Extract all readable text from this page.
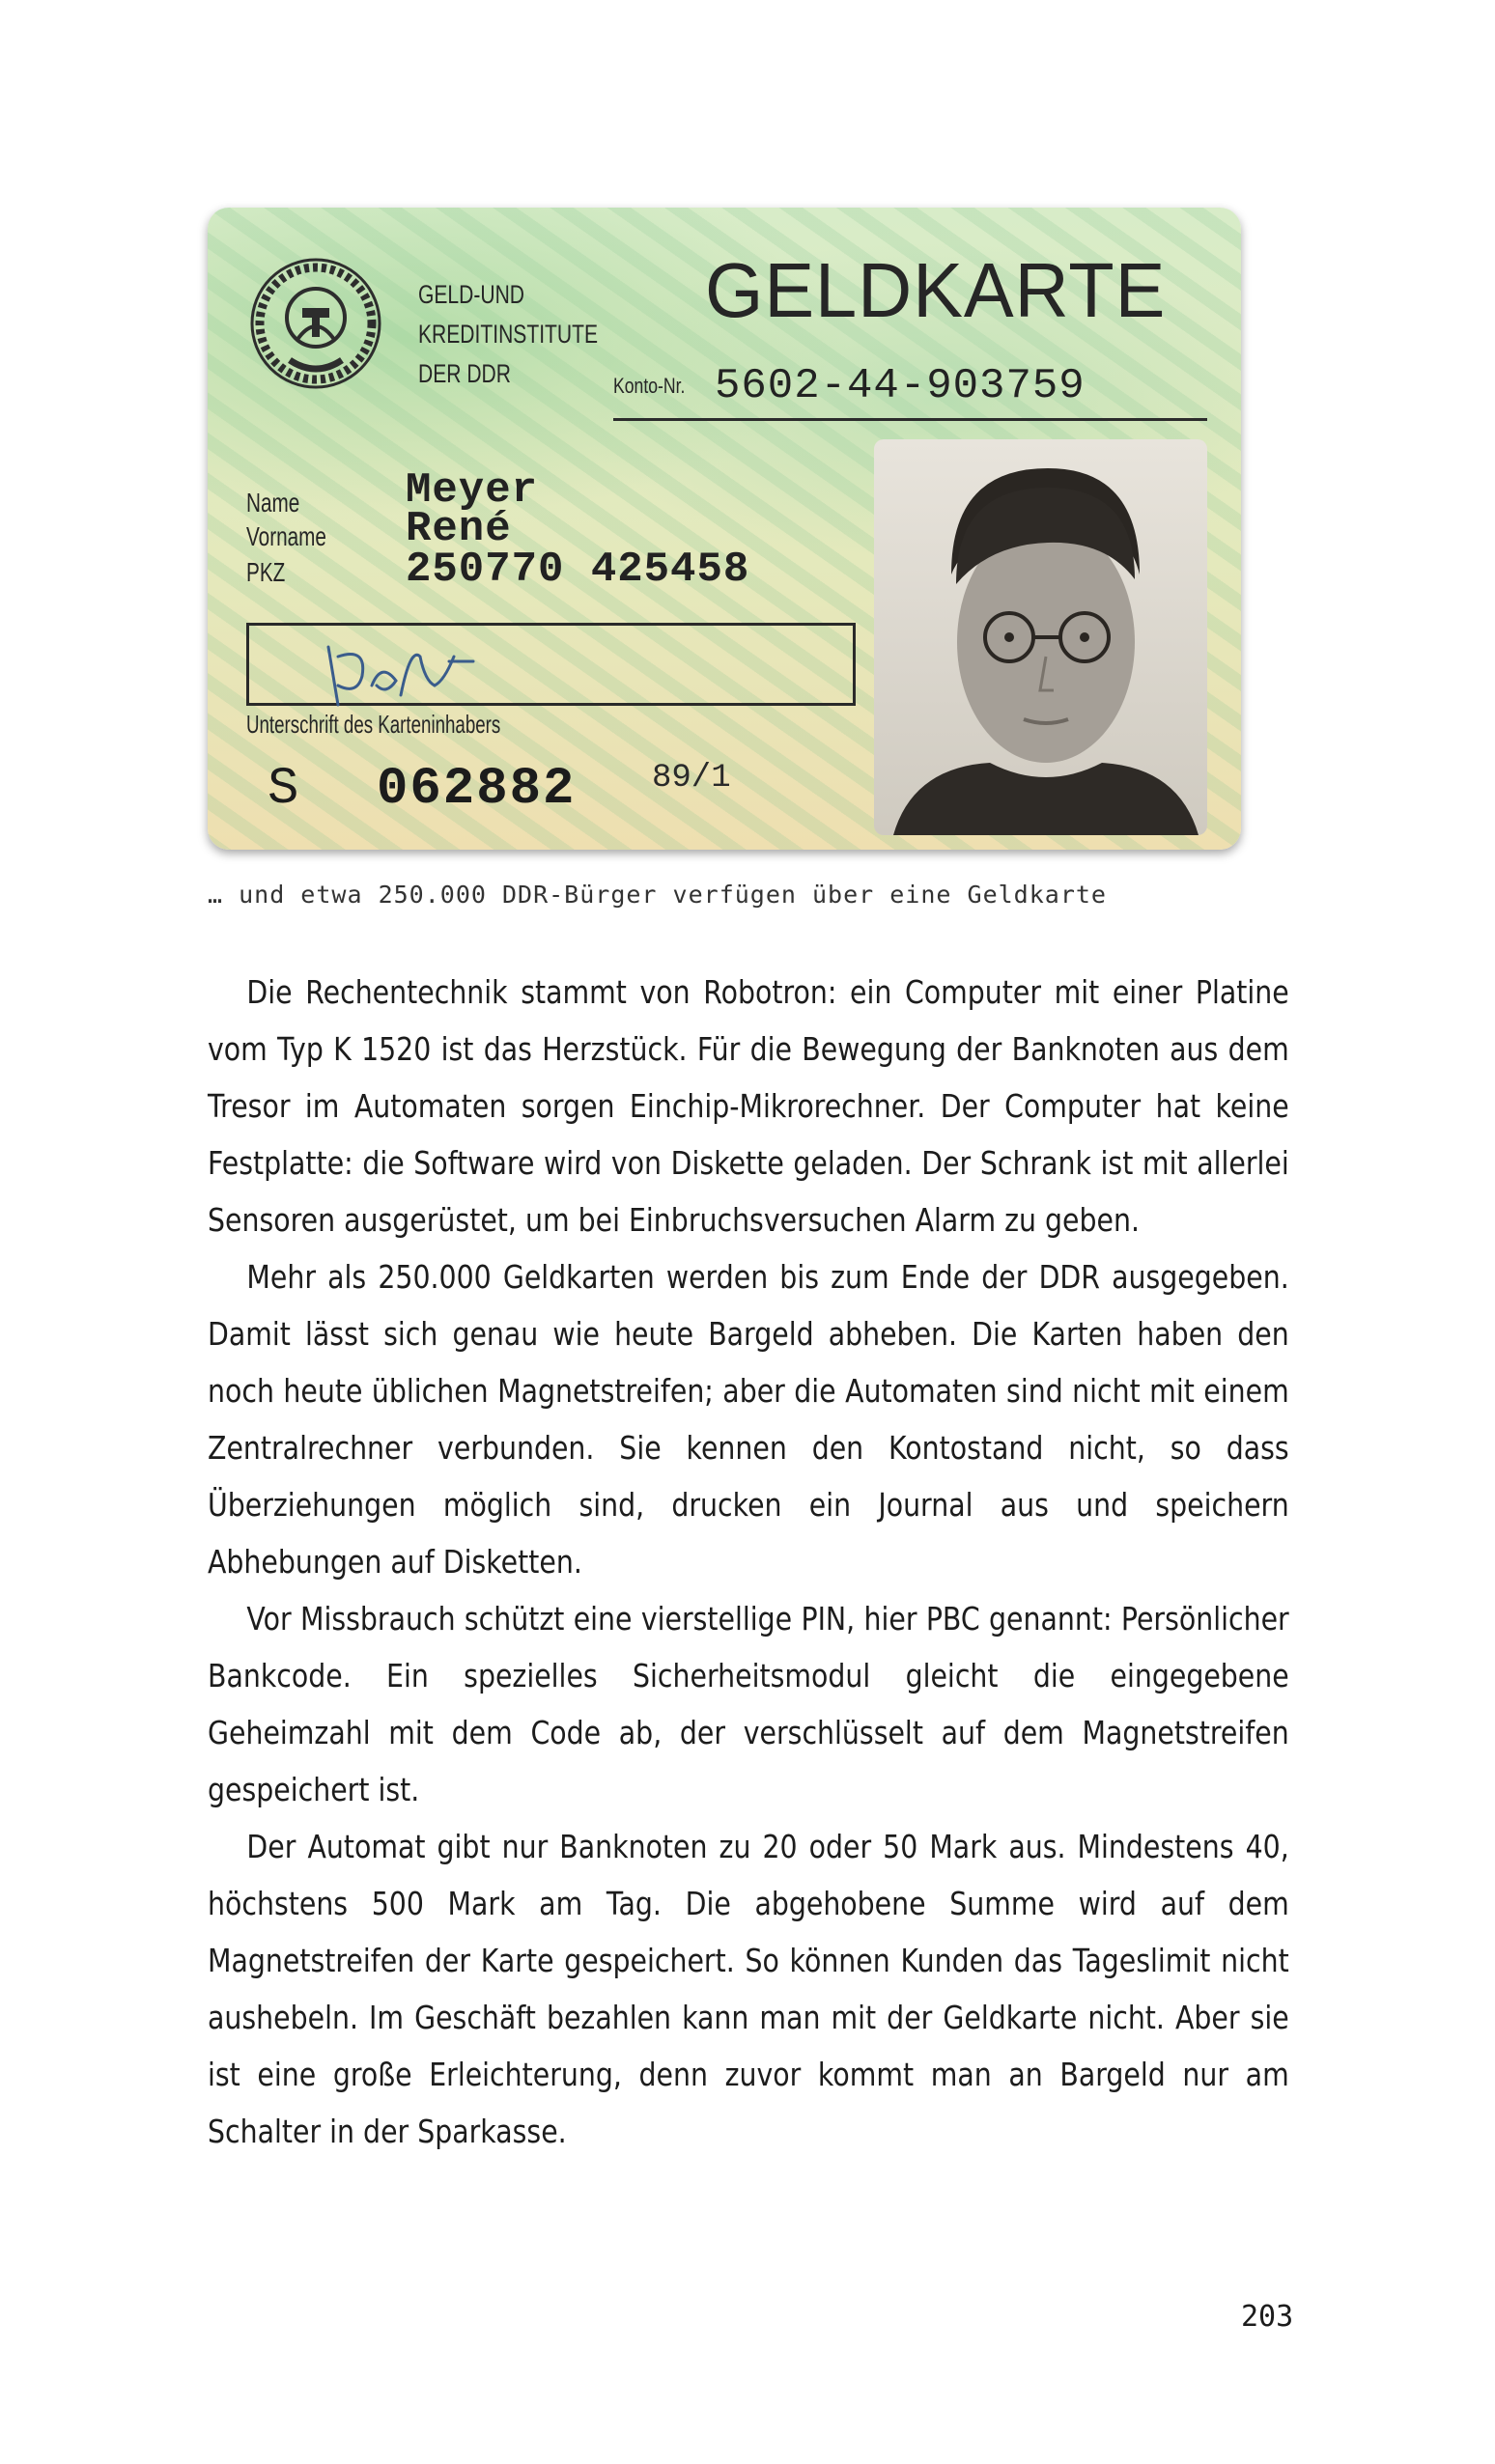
GELD-UND
KREDITINSTITUTE
DER DDR
GELDKARTE
Konto-Nr. 5602-44-903759
Name Meyer
Vorname René
PKZ	250770 425458
Unterschrift des Karteninhabers
S 062882 89/1
… und etwa 250.000 DDR-Bürger verfügen über eine Geldkarte

Die Rechentechnik stammt von Robotron: ein Computer mit einer Platine vom Typ K 1520 ist das Herzstück. Für die Bewegung der Banknoten aus dem Tresor im Automaten sorgen Einchip-Mikrorechner. Der Computer hat keine Festplatte: die Software wird von Diskette geladen. Der Schrank ist mit allerlei Sensoren ausgerüstet, um bei Einbruchsversuchen Alarm zu geben.

Mehr als 250.000 Geldkarten werden bis zum Ende der DDR ausgegeben. Damit lässt sich genau wie heute Bargeld abheben. Die Karten haben den noch heute üblichen Magnetstreifen; aber die Automaten sind nicht mit einem Zentralrechner verbunden. Sie kennen den Kontostand nicht, so dass Überziehungen möglich sind, drucken ein Journal aus und speichern Abhebungen auf Disketten.

Vor Missbrauch schützt eine vierstellige PIN, hier PBC genannt: Persönlicher Bankcode. Ein spezielles Sicherheitsmodul gleicht die eingegebene Geheimzahl mit dem Code ab, der verschlüsselt auf dem Magnetstreifen gespeichert ist.

Der Automat gibt nur Banknoten zu 20 oder 50 Mark aus. Mindestens 40, höchstens 500 Mark am Tag. Die abgehobene Summe wird auf dem Magnetstreifen der Karte gespeichert. So können Kunden das Tageslimit nicht aushebeln. Im Geschäft bezahlen kann man mit der Geldkarte nicht. Aber sie ist eine große Erleichterung, denn zuvor kommt man an Bargeld nur am Schalter in der Sparkasse.

203
